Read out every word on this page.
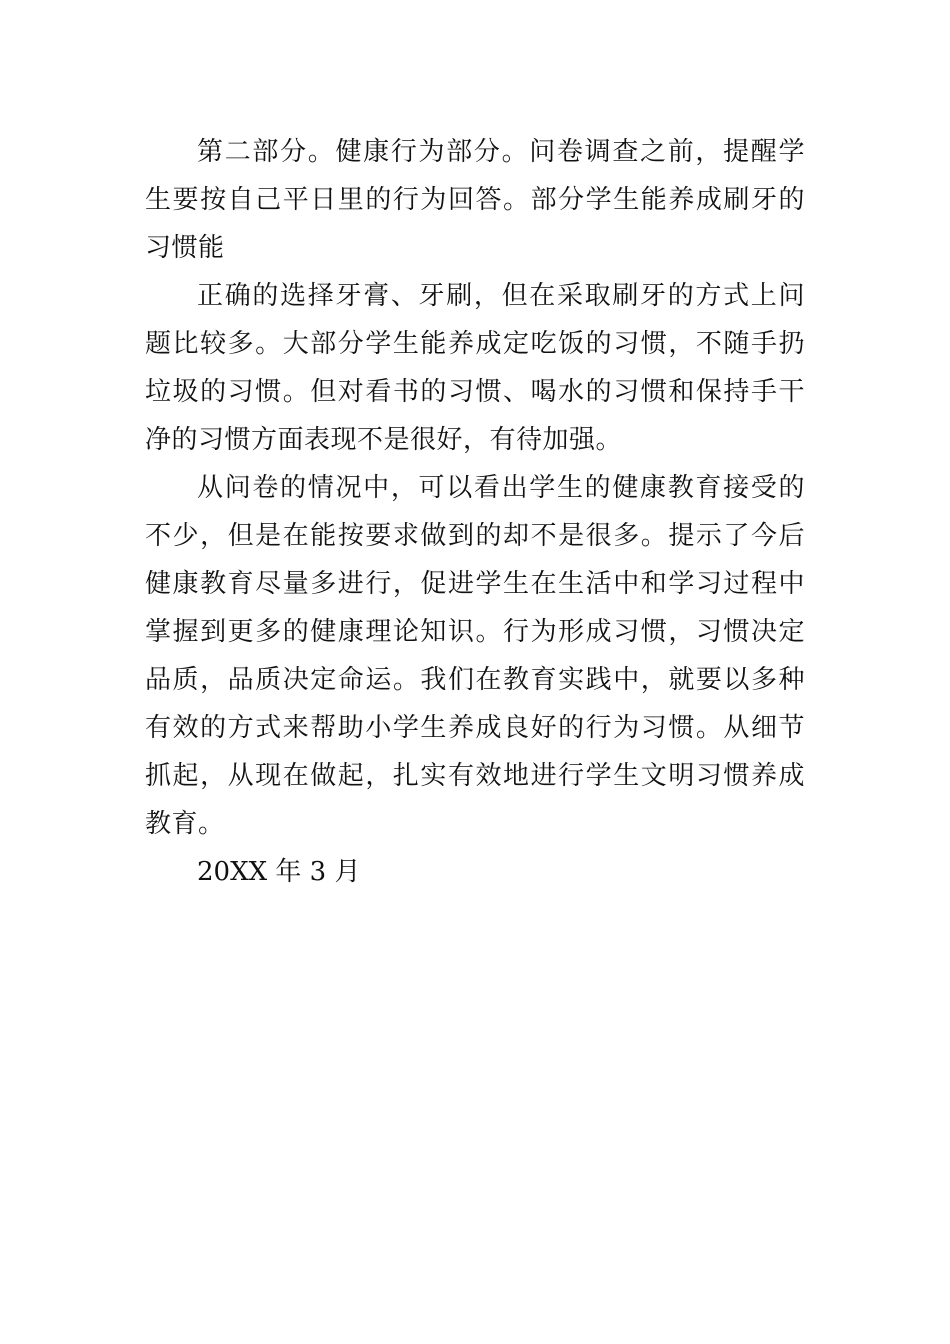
第二部分。健康行为部分。问卷调查之前，提醒学生要按自己平日里的行为回答。部分学生能养成刷牙的习惯能

正确的选择牙膏、牙刷，但在采取刷牙的方式上问题比较多。大部分学生能养成定吃饭的习惯，不随手扔垃圾的习惯。但对看书的习惯、喝水的习惯和保持手干净的习惯方面表现不是很好，有待加强。

从问卷的情况中，可以看出学生的健康教育接受的不少，但是在能按要求做到的却不是很多。提示了今后健康教育尽量多进行，促进学生在生活中和学习过程中掌握到更多的健康理论知识。行为形成习惯，习惯决定品质，品质决定命运。我们在教育实践中，就要以多种有效的方式来帮助小学生养成良好的行为习惯。从细节抓起，从现在做起，扎实有效地进行学生文明习惯养成教育。

20XX 年 3 月
